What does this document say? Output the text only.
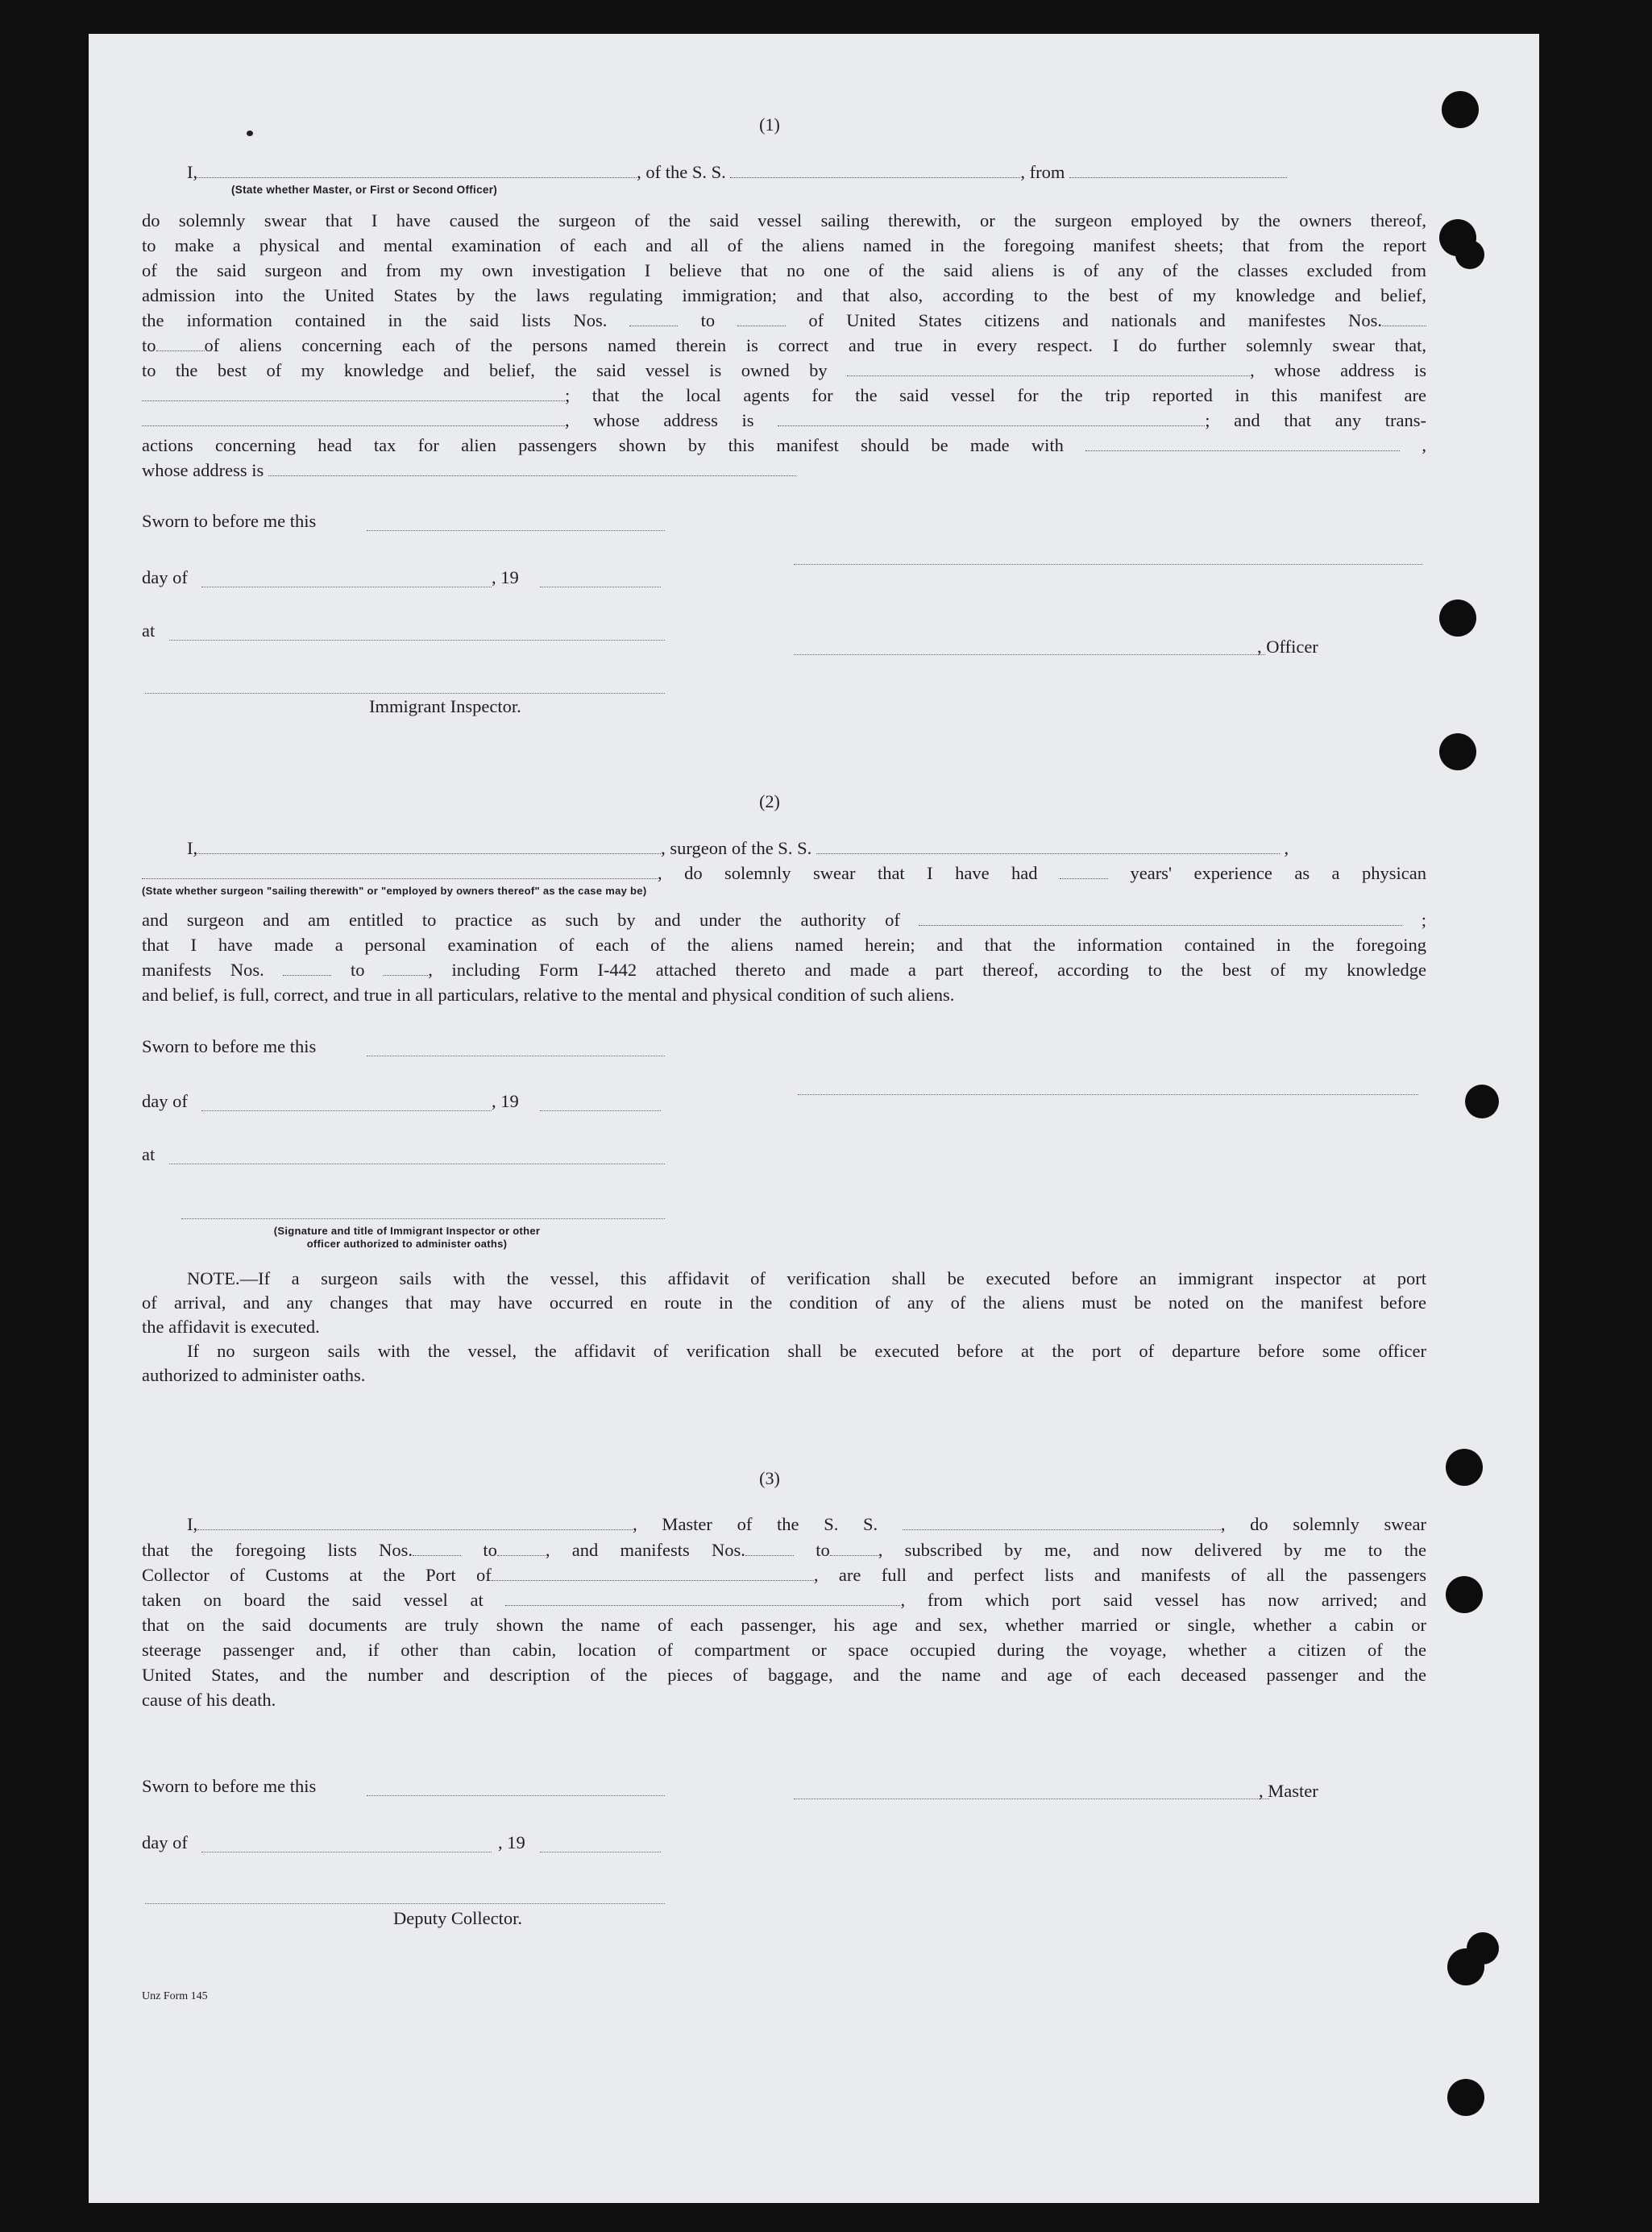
(1)
I,	, of the S. S.	, from
(State whether Master, or First or Second Officer)

do solemnly swear that I have caused the surgeon of the said vessel sailing therewith, or the surgeon employed by the owners thereof,

to make a physical and mental examination of each and all of the aliens named in the foregoing manifest sheets; that from the report

of the said surgeon and from my own investigation I believe that no one of the said aliens is of any of the classes excluded from

admission into the United States by the laws regulating immigration; and that also, according to the best of my knowledge and belief,

the information contained in the said lists Nos.	to	of United States citizens and nationals and manifestes Nos.

to	of aliens concerning each of the persons named therein is correct and true in every respect. I do further solemnly swear that,

to the best of my knowledge and belief, the said vessel is owned by	, whose address is

; that the local agents for the said vessel for the trip reported in this manifest are

, whose address is	; and that any trans-

actions concerning head tax for alien passengers shown by this manifest should be made with	,

whose address is

Sworn to before me this
day of	, 19
at
, Officer
Immigrant Inspector.
(2)
I,	, surgeon of the S. S.	,
, do solemnly swear that I have had	years' experience as a physican
(State whether surgeon "sailing therewith" or "employed by owners thereof" as the case may be)

and surgeon and am entitled to practice as such by and under the authority of	;

that I have made a personal examination of each of the aliens named herein; and that the information contained in the foregoing

manifests Nos.	to	, including Form I-442 attached thereto and made a part thereof, according to the best of my knowledge

and belief, is full, correct, and true in all particulars, relative to the mental and physical condition of such aliens.

Sworn to before me this
day of	, 19
at
(Signature and title of Immigrant Inspector or other
officer authorized to administer oaths)

NOTE.—If a surgeon sails with the vessel, this affidavit of verification shall be executed before an immigrant inspector at port

of arrival, and any changes that may have occurred en route in the condition of any of the aliens must be noted on the manifest before

the affidavit is executed.

If no surgeon sails with the vessel, the affidavit of verification shall be executed before at the port of departure before some officer

authorized to administer oaths.

(3)
I,	, Master of the S. S.	, do solemnly swear

that the foregoing lists Nos.	to	, and manifests Nos.	to	, subscribed by me, and now delivered by me to the

Collector of Customs at the Port of	, are full and perfect lists and manifests of all the passengers

taken on board the said vessel at	, from which port said vessel has now arrived; and

that on the said documents are truly shown the name of each passenger, his age and sex, whether married or single, whether a cabin or

steerage passenger and, if other than cabin, location of compartment or space occupied during the voyage, whether a citizen of the

United States, and the number and description of the pieces of baggage, and the name and age of each deceased passenger and the

cause of his death.

Sworn to before me this	, Master
day of	, 19
Deputy Collector.
Unz Form 145
